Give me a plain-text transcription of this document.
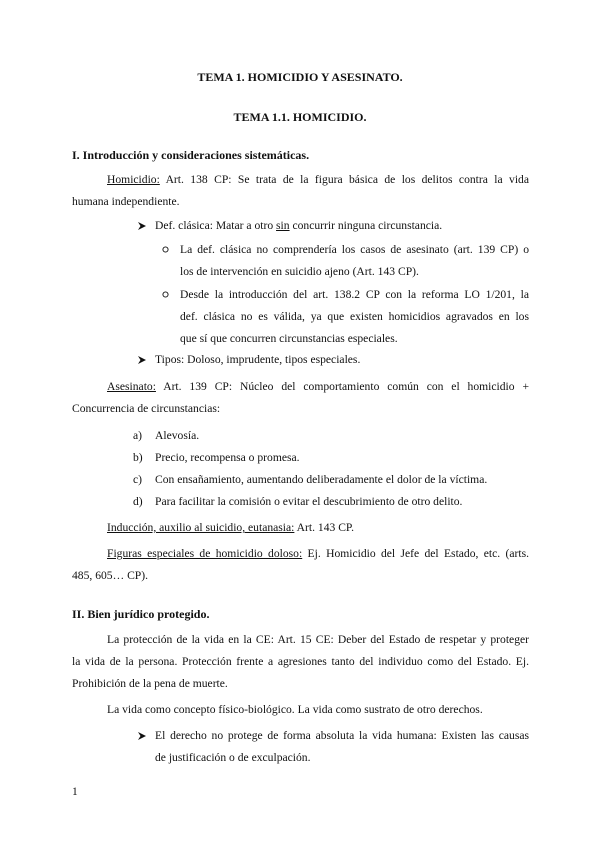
TEMA 1. HOMICIDIO Y ASESINATO.
TEMA 1.1. HOMICIDIO.
I. Introducción y consideraciones sistemáticas.
Homicidio: Art. 138 CP: Se trata de la figura básica de los delitos contra la vida
humana independiente.
Def. clásica: Matar a otro sin concurrir ninguna circunstancia.
La def. clásica no comprendería los casos de asesinato (art. 139 CP) o
los de intervención en suicidio ajeno (Art. 143 CP).
Desde la introducción del art. 138.2 CP con la reforma LO 1/201, la
def. clásica no es válida, ya que existen homicidios agravados en los
que sí que concurren circunstancias especiales.
Tipos: Doloso, imprudente, tipos especiales.
Asesinato: Art. 139 CP: Núcleo del comportamiento común con el homicidio +
Concurrencia de circunstancias:
a)	Alevosía.
b)	Precio, recompensa o promesa.
c)	Con ensañamiento, aumentando deliberadamente el dolor de la víctima.
d)	Para facilitar la comisión o evitar el descubrimiento de otro delito.
Inducción, auxilio al suicidio, eutanasia: Art. 143 CP.
Figuras especiales de homicidio doloso: Ej. Homicidio del Jefe del Estado, etc. (arts.
485, 605… CP).
II. Bien jurídico protegido.
La protección de la vida en la CE: Art. 15 CE: Deber del Estado de respetar y proteger
la vida de la persona. Protección frente a agresiones tanto del individuo como del Estado. Ej.
Prohibición de la pena de muerte.
La vida como concepto físico-biológico. La vida como sustrato de otro derechos.
El derecho no protege de forma absoluta la vida humana: Existen las causas
de justificación o de exculpación.
1
